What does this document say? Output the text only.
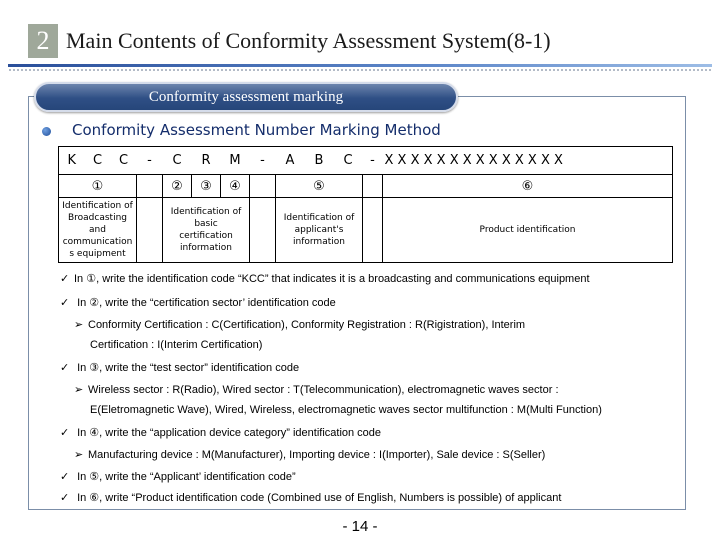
2 Main Contents of Conformity Assessment System(8-1)
Conformity assessment marking
Conformity Assessment Number Marking Method
K	C	C	-	C	R	M	-	A	B	C	-	X X X X X X X X X X X X X X
①				②	③	④		⑤				⑥
Identification of Broadcasting and communication s equipment				Identification of basic certification information				Identification of applicant's information				Product identification
✓ In ①, write the identification code “KCC” that indicates it is a broadcasting and communications equipment
✓ In ②, write the “certification sector’ identification code
➢ Conformity Certification : C(Certification), Conformity Registration : R(Rigistration), Interim
Certification : I(Interim Certification)
✓ In ③, write the “test sector” identification code
➢ Wireless sector : R(Radio), Wired sector : T(Telecommunication), electromagnetic waves sector :
E(Eletromagnetic Wave), Wired, Wireless, electromagnetic waves sector multifunction : M(Multi Function)
✓ In ④, write the “application device category” identification code
➢ Manufacturing device : M(Manufacturer), Importing device : I(Importer), Sale device : S(Seller)
✓ In ⑤, write the “Applicant’ identification code”
✓ In ⑥, write “Product identification code (Combined use of English, Numbers is possible) of applicant
- 14 -
